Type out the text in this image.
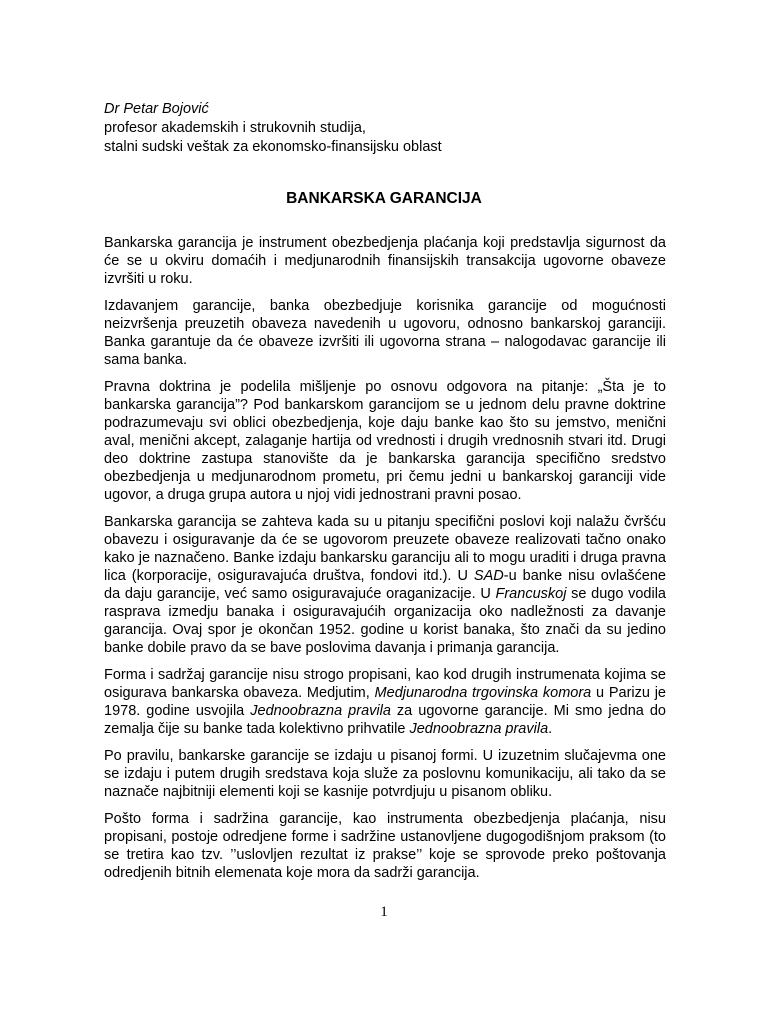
Dr Petar Bojović
profesor akademskih i strukovnih studija,
stalni sudski veštak za ekonomsko-finansijsku oblast
BANKARSKA GARANCIJA

Bankarska garancija je instrument obezbedjenja plaćanja koji predstavlja sigurnost da će se u okviru domaćih i medjunarodnih finansijskih transakcija ugovorne obaveze izvršiti u roku.

Izdavanjem garancije, banka obezbedjuje korisnika garancije od mogućnosti neizvršenja preuzetih obaveza navedenih u ugovoru, odnosno bankarskoj garanciji. Banka garantuje da će obaveze izvršiti ili ugovorna strana – nalogodavac garancije ili sama banka.

Pravna doktrina je podelila mišljenje po osnovu odgovora na pitanje: „Šta je to bankarska garancija”? Pod bankarskom garancijom se u jednom delu pravne doktrine podrazumevaju svi oblici obezbedjenja, koje daju banke kao što su jemstvo, menični aval, menični akcept, zalaganje hartija od vrednosti i drugih vrednosnih stvari itd. Drugi deo doktrine zastupa stanovište da je bankarska garancija specifično sredstvo obezbedjenja u medjunarodnom prometu, pri čemu jedni u bankarskoj garanciji vide ugovor, a druga grupa autora u njoj vidi jednostrani pravni posao.

Bankarska garancija se zahteva kada su u pitanju specifični poslovi koji nalažu čvršću obavezu i osiguravanje da će se ugovorom preuzete obaveze realizovati tačno onako kako je naznačeno. Banke izdaju bankarsku garanciju ali to mogu uraditi i druga pravna lica (korporacije, osiguravajuća društva, fondovi itd.). U SAD-u banke nisu ovlašćene da daju garancije, već samo osiguravajuće oraganizacije. U Francuskoj se dugo vodila rasprava izmedju banaka i osiguravajućih organizacija oko nadležnosti za davanje garancija. Ovaj spor je okončan 1952. godine u korist banaka, što znači da su jedino banke dobile pravo da se bave poslovima davanja i primanja garancija.

Forma i sadržaj garancije nisu strogo propisani, kao kod drugih instrumenata kojima se osigurava bankarska obaveza. Medjutim, Medjunarodna trgovinska komora u Parizu je 1978. godine usvojila Jednoobrazna pravila za ugovorne garancije. Mi smo jedna do zemalja čije su banke tada kolektivno prihvatile Jednoobrazna pravila.

Po pravilu, bankarske garancije se izdaju u pisanoj formi. U izuzetnim slučajevma one se izdaju i putem drugih sredstava koja služe za poslovnu komunikaciju, ali tako da se naznače najbitniji elementi koji se kasnije potvrdjuju u pisanom obliku.

Pošto forma i sadržina garancije, kao instrumenta obezbedjenja plaćanja, nisu propisani, postoje odredjene forme i sadržine ustanovljene dugogodišnjom praksom (to se tretira kao tzv. ’’uslovljen rezultat iz prakse’’ koje se sprovode preko poštovanja odredjenih bitnih elemenata koje mora da sadrži garancija.

1
